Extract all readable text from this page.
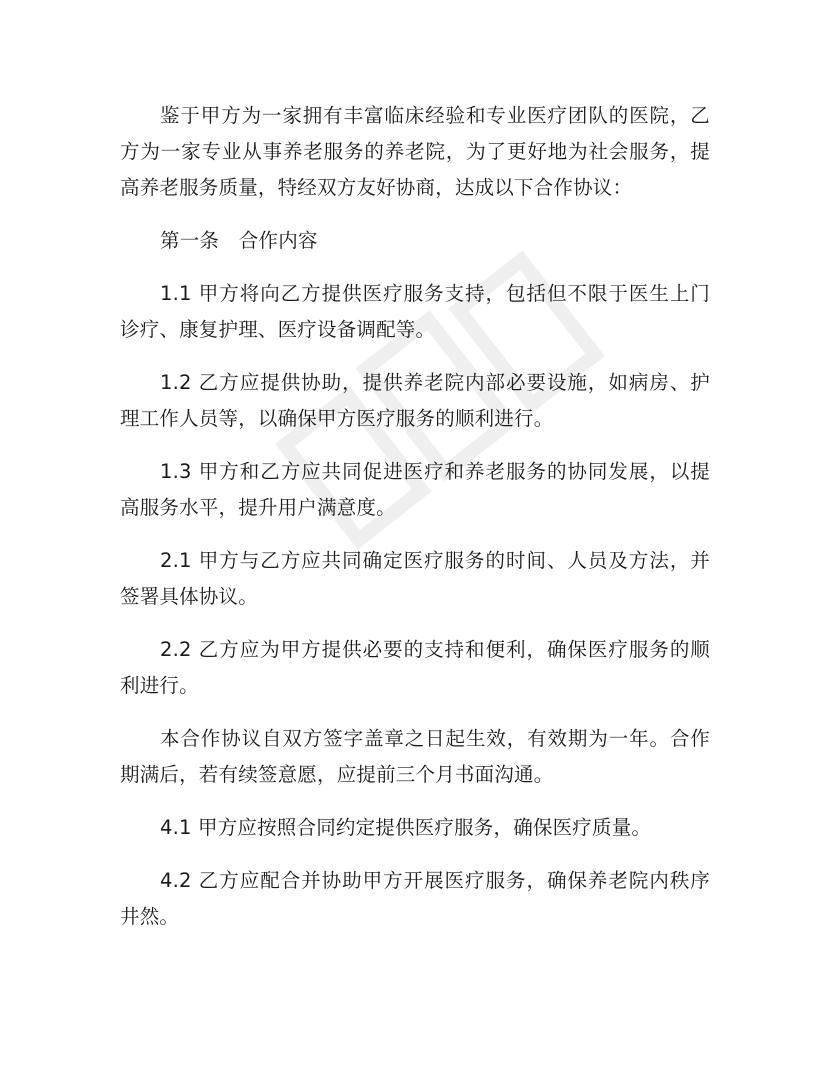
鉴于甲方为一家拥有丰富临床经验和专业医疗团队的医院，乙方为一家专业从事养老服务的养老院，为了更好地为社会服务，提高养老服务质量，特经双方友好协商，达成以下合作协议：

第一条　合作内容

1.1 甲方将向乙方提供医疗服务支持，包括但不限于医生上门诊疗、康复护理、医疗设备调配等。

1.2 乙方应提供协助，提供养老院内部必要设施，如病房、护理工作人员等，以确保甲方医疗服务的顺利进行。

1.3 甲方和乙方应共同促进医疗和养老服务的协同发展，以提高服务水平，提升用户满意度。

2.1 甲方与乙方应共同确定医疗服务的时间、人员及方法，并签署具体协议。

2.2 乙方应为甲方提供必要的支持和便利，确保医疗服务的顺利进行。

本合作协议自双方签字盖章之日起生效，有效期为一年。合作期满后，若有续签意愿，应提前三个月书面沟通。

4.1 甲方应按照合同约定提供医疗服务，确保医疗质量。

4.2 乙方应配合并协助甲方开展医疗服务，确保养老院内秩序井然。
